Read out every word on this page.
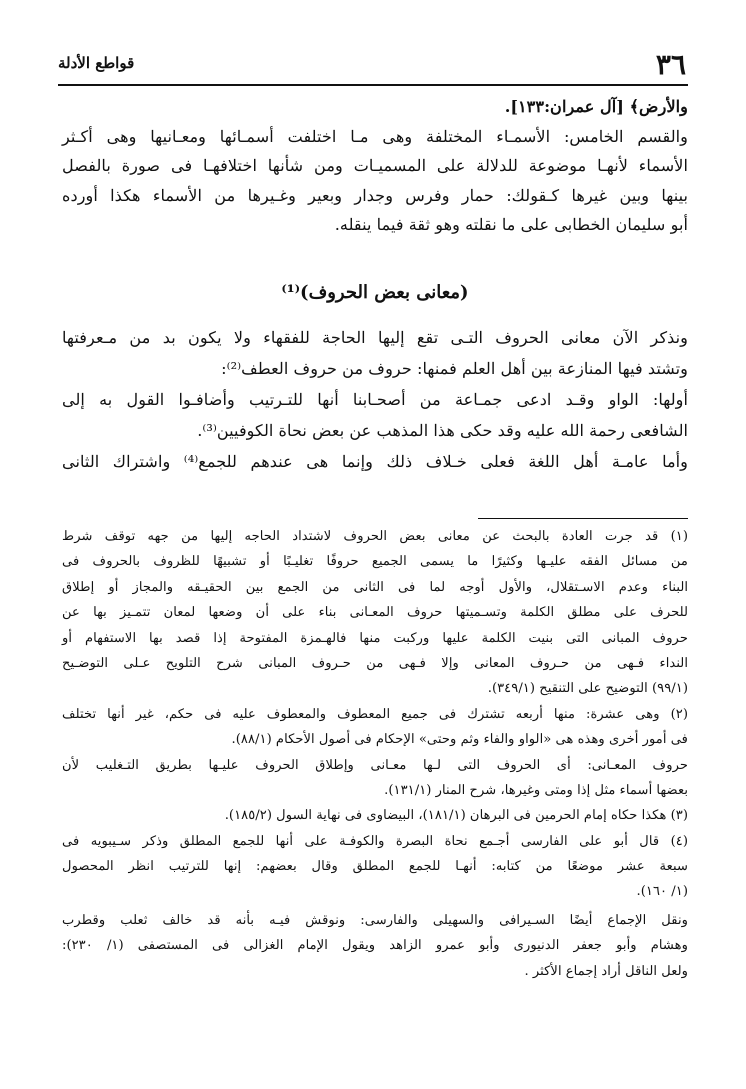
٣٦
قواطع الأدلة
والأرض﴾ [آل عمران:١٣٣].
والقسم الخامس: الأسمـاء المختلفة وهى مـا اختلفت أسمـائها ومعـانيها وهى أكـثر
الأسماء لأنهـا موضوعة للدلالة على المسميـات ومن شأنها اختلافهـا فى صورة بالفصل
بينها وبين غيرها كـقولك: حمار وفرس وجدار وبعير وغـيرها من الأسماء هكذا أورده
أبو سليمان الخطابى على ما نقلته وهو ثقة فيما ينقله.
(معانى بعض الحروف)⁽¹⁾
ونذكر الآن معانى الحروف التـى تقع إليها الحاجة للفقهاء ولا يكون بد من مـعرفتها
وتشتد فيها المنازعة بين أهل العلم فمنها: حروف من حروف العطف⁽²⁾:
أولها: الواو وقـد ادعى جمـاعة من أصحـابنا أنها للتـرتيب وأضافـوا القول به إلى
الشافعى رحمة الله عليه وقد حكى هذا المذهب عن بعض نحاة الكوفيين⁽³⁾.
وأما عامـة أهل اللغة فعلى خـلاف ذلك وإنما هى عندهم للجمع⁽⁴⁾ واشتراك الثانى
(١) قد جرت العادة بالبحث عن معانى بعض الحروف لاشتداد الحاجه إليها من جهه توقف شرط
من مسائل الفقه عليـها وكثيرًا ما يسمى الجميع حروفًا تغليـبًا أو تشبيهًا للظروف بالحروف فى
البناء وعدم الاسـتقلال، والأول أوجه لما فى الثانى من الجمع بين الحقيـقه والمجاز أو إطلاق
للحرف على مطلق الكلمة وتسـميتها حروف المعـانى بناء على أن وضعها لمعان تتمـيز بها عن
حروف المبانى التى بنيت الكلمة عليها وركبت منها فالهـمزة المفتوحة إذا قصد بها الاستفهام أو
النداء فـهى من حـروف المعانى وإلا فـهى من حـروف المبانى شرح التلويح عـلى التوضـيح
(٩٩/١) التوضيح على التنقيح (٣٤٩/١).
(٢) وهى عشرة: منها أربعه تشترك فى جميع المعطوف والمعطوف عليه فى حكم، غير أنها تختلف
فى أمور أخرى وهذه هى «الواو والفاء وثم وحتى» الإحكام فى أصول الأحكام (٨٨/١).
حروف المعـانى: أى الحروف التى لـها معـانى وإطلاق الحروف عليـها بطريق التـغليب لأن
بعضها أسماء مثل إذا ومتى وغيرها، شرح المنار (١٣١/١).
(٣) هكذا حكاه إمام الحرمين فى البرهان (١٨١/١)، البيضاوى فى نهاية السول (١٨٥/٢).
(٤) قال أبو على الفارسى أجـمع نحاة البصرة والكوفـة على أنها للجمع المطلق وذكر سـيبويه فى
سبعة عشر موضعًا من كتابه: أنهـا للجمع المطلق وقال بعضهم: إنها للترتيب انظر المحصول
(١/ ١٦٠).
ونقل الإجماع أيضًا السـيرافى والسهيلى والفارسى: ونوقش فيـه بأنه قد خالف ثعلب وقطرب
وهشام وأبو جعفر الدنيورى وأبو عمرو الزاهد ويقول الإمام الغزالى فى المستصفى (١/ ٢٣٠):
ولعل الناقل أراد إجماع الأكثر .
